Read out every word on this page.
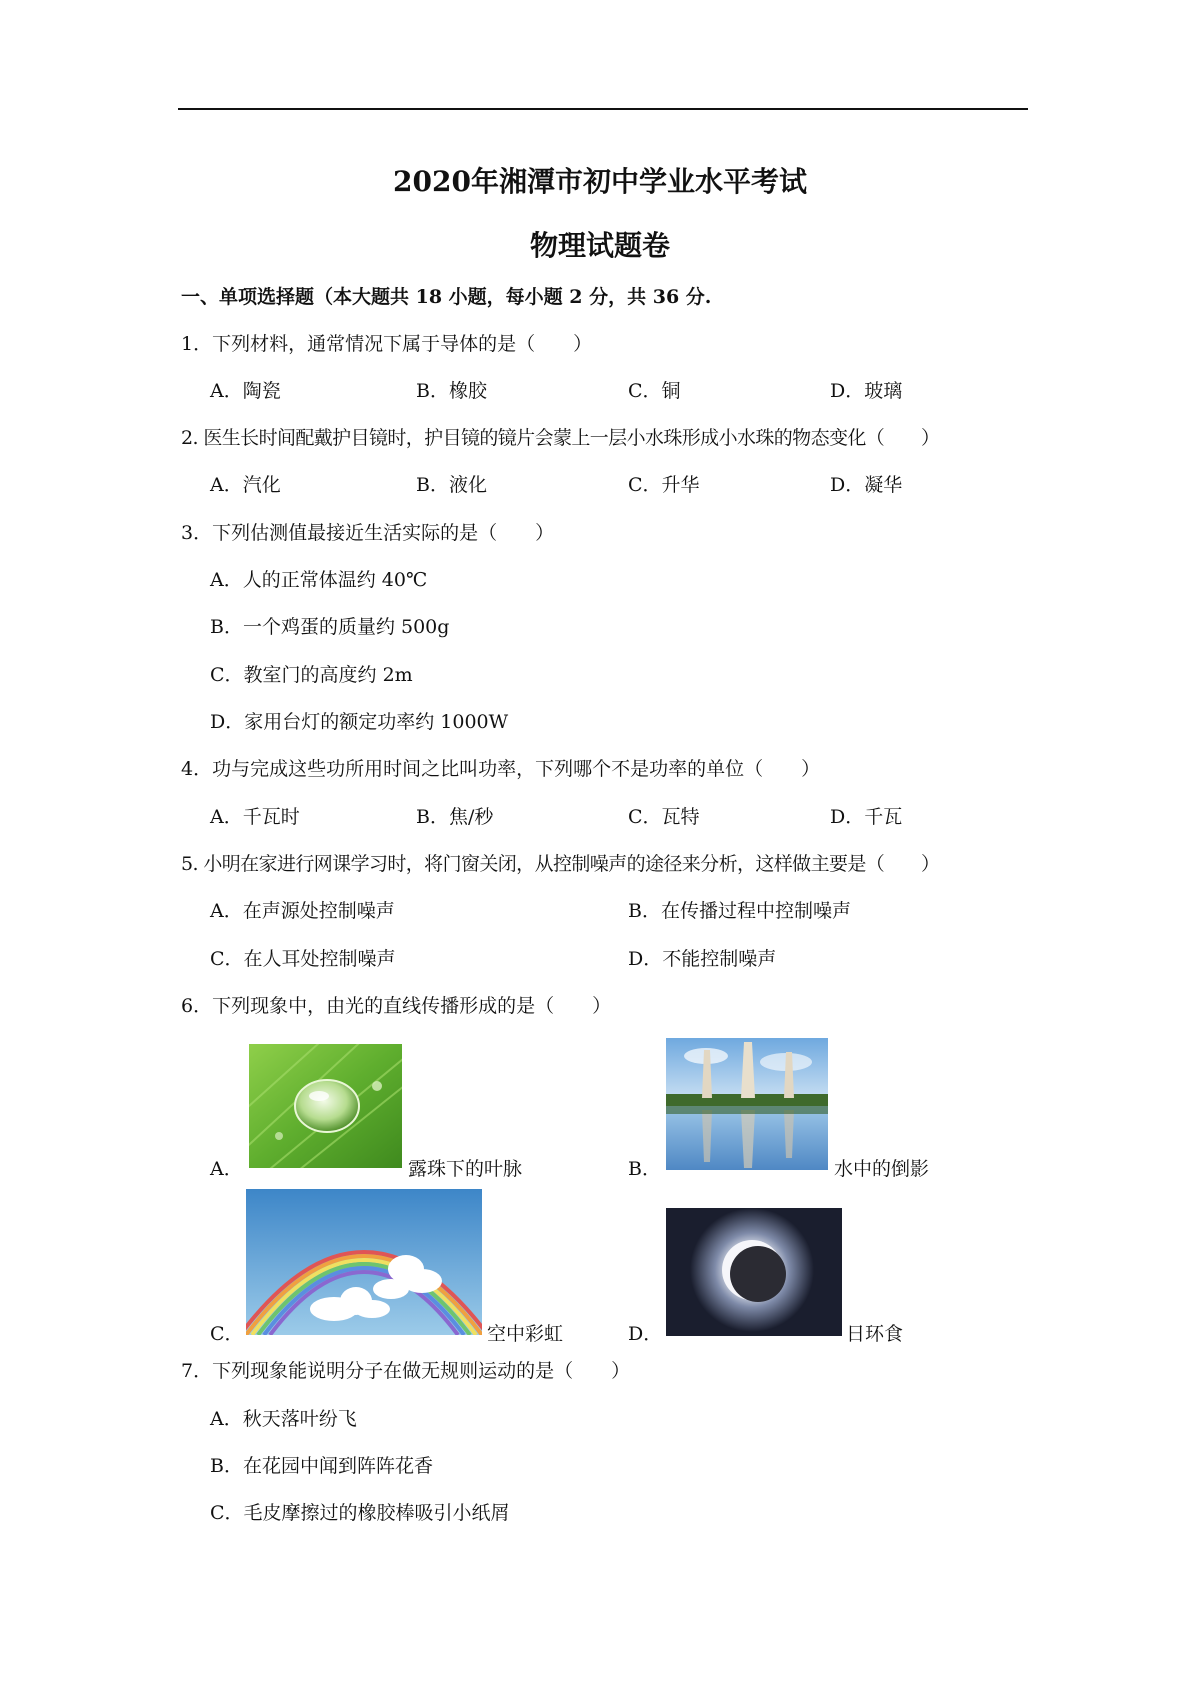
2020年湘潭市初中学业水平考试
物理试题卷
一、单项选择题（本大题共 18 小题，每小题 2 分，共 36 分.
1．下列材料，通常情况下属于导体的是（　　）
A．陶瓷	B．橡胶	C．铜	D．玻璃
2. 医生长时间配戴护目镜时，护目镜的镜片会蒙上一层小水珠形成小水珠的物态变化（　　）
A．汽化	B．液化	C．升华	D．凝华
3．下列估测值最接近生活实际的是（　　）
A．人的正常体温约 40℃
B．一个鸡蛋的质量约 500g
C．教室门的高度约 2m
D．家用台灯的额定功率约 1000W
4．功与完成这些功所用时间之比叫功率，下列哪个不是功率的单位（　　）
A．千瓦时	B．焦/秒	C．瓦特	D．千瓦
5. 小明在家进行网课学习时，将门窗关闭，从控制噪声的途径来分析，这样做主要是（　　）
A．在声源处控制噪声	B．在传播过程中控制噪声
C．在人耳处控制噪声	D．不能控制噪声
6．下列现象中，由光的直线传播形成的是（　　）
A．	露珠下的叶脉	B．	水中的倒影
C．	空中彩虹	D．	日环食
7．下列现象能说明分子在做无规则运动的是（　　）
A．秋天落叶纷飞
B．在花园中闻到阵阵花香
C．毛皮摩擦过的橡胶棒吸引小纸屑
